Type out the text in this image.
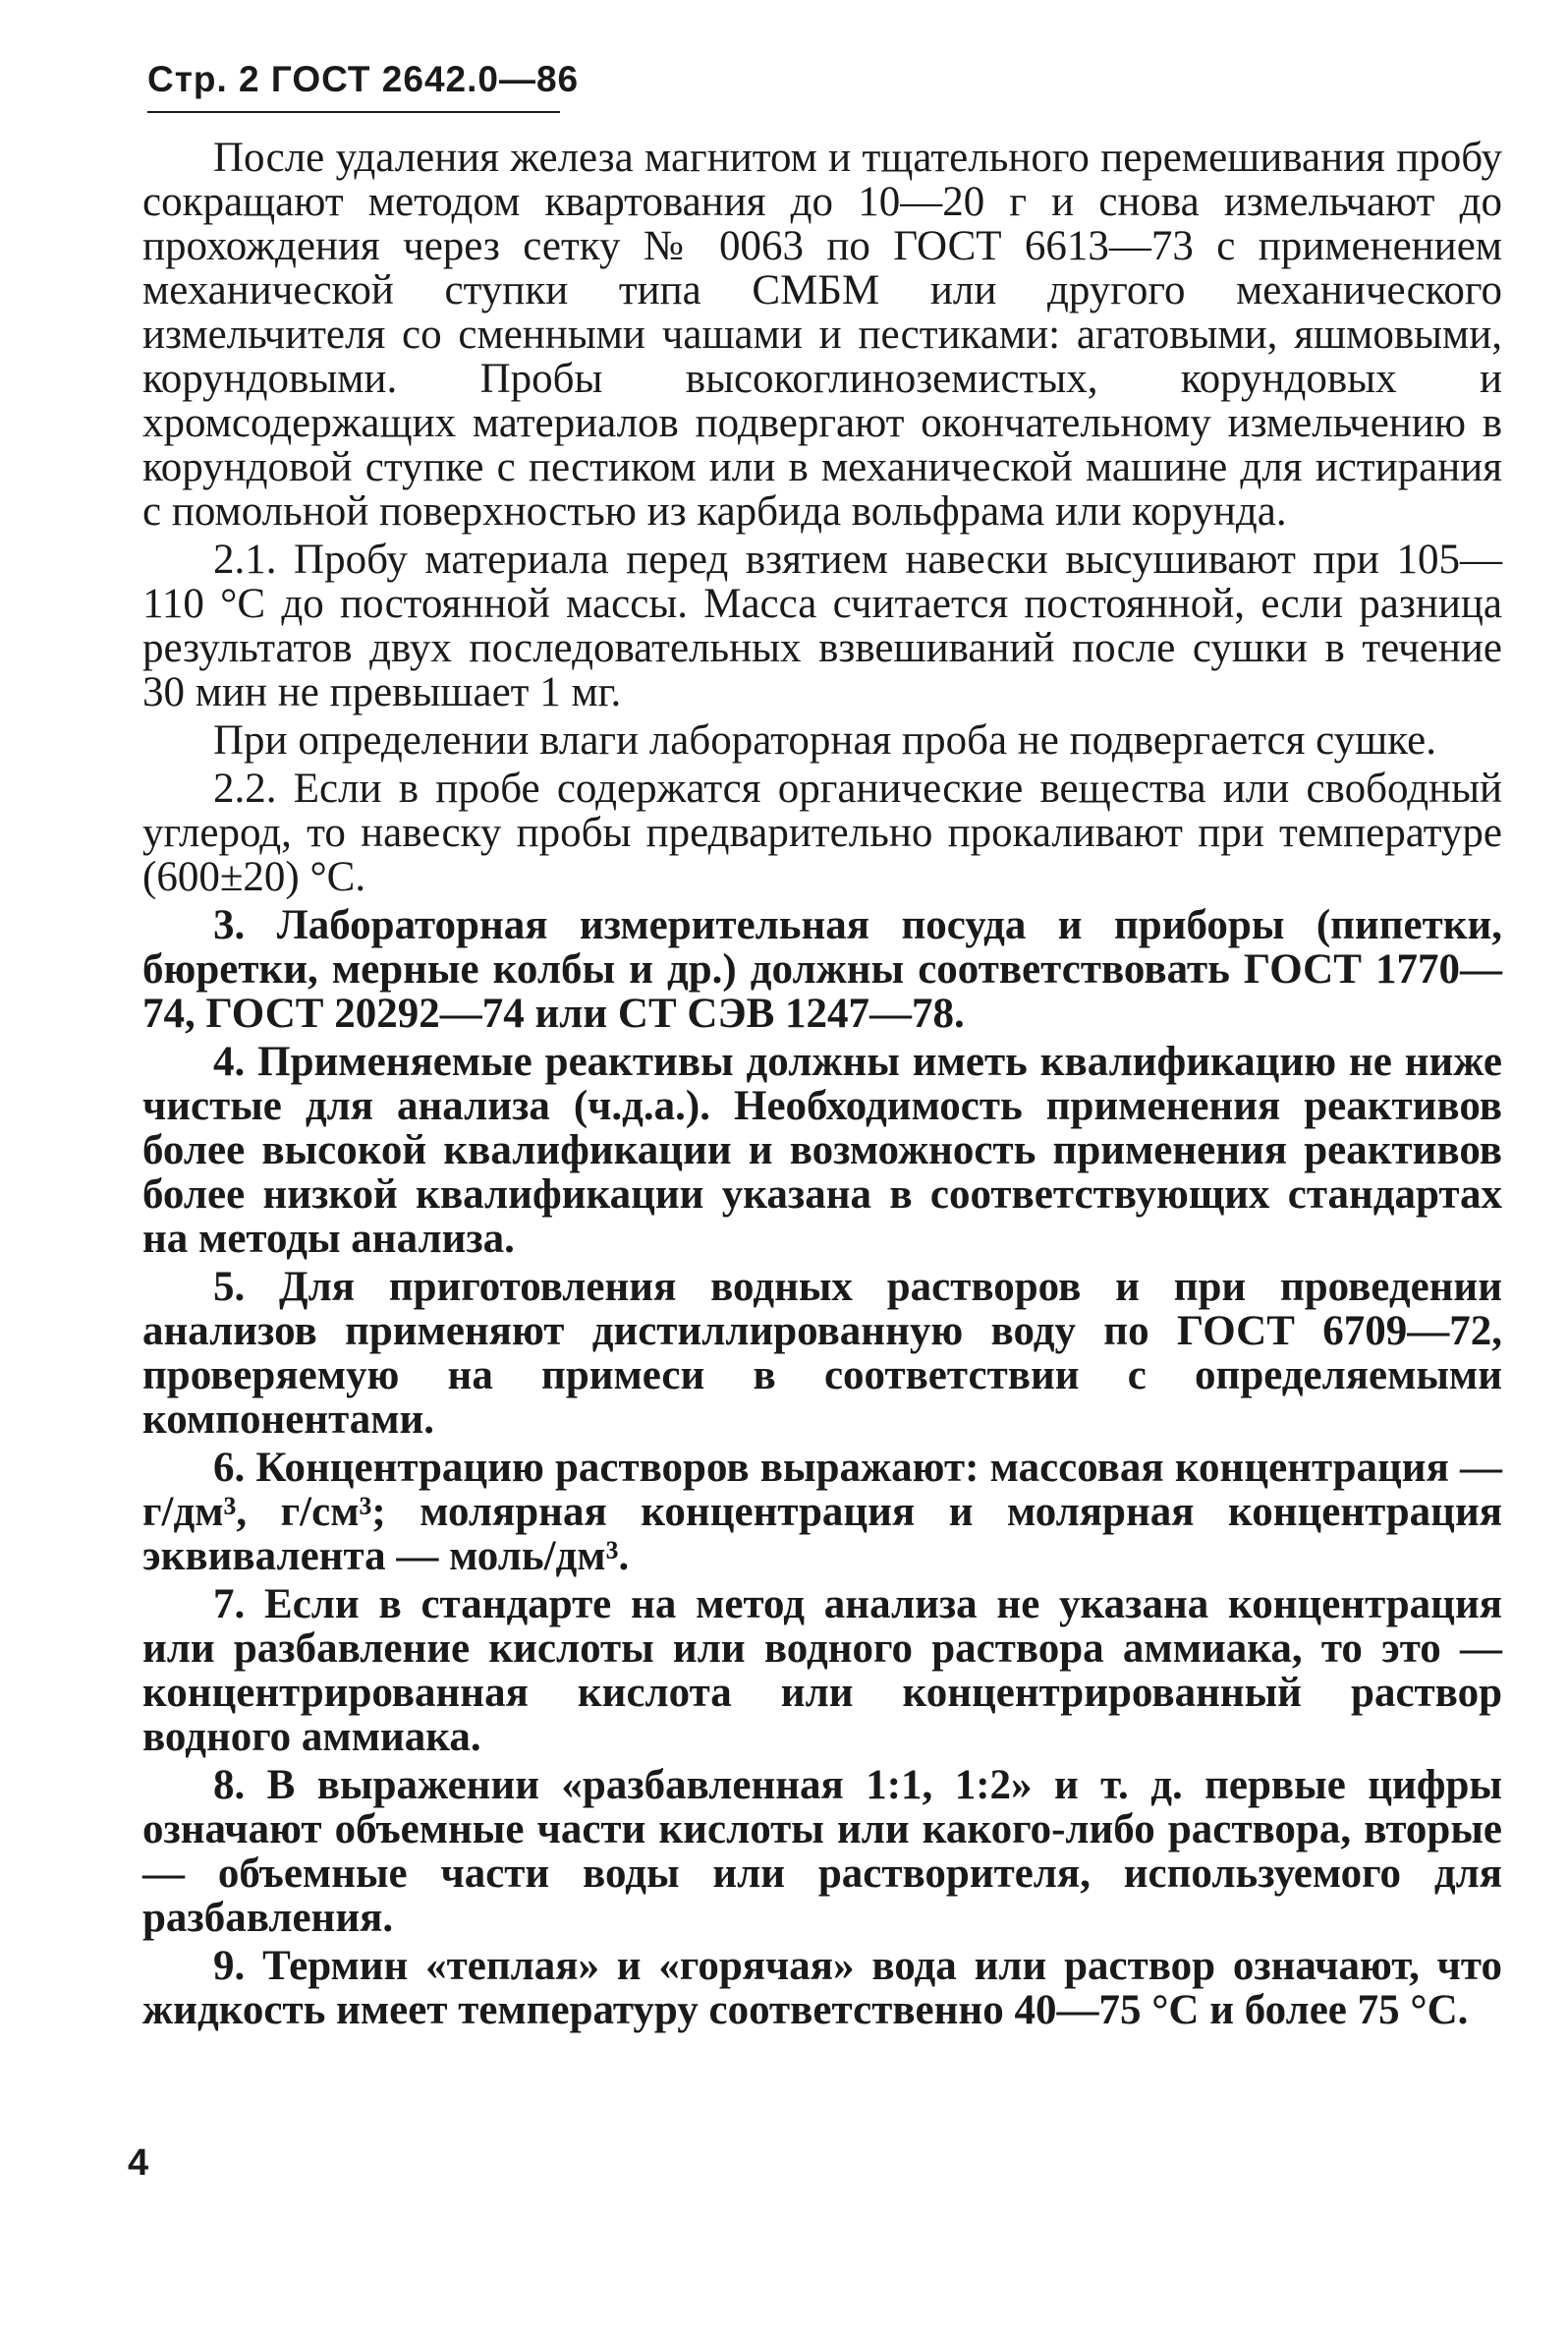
Стр. 2 ГОСТ 2642.0—86

После удаления железа магнитом и тщательного перемешивания пробу сокращают методом квартования до 10—20 г и снова измельчают до прохождения через сетку № 0063 по ГОСТ 6613—73 с применением механической ступки типа СМБМ или другого механического измельчителя со сменными чашами и пестиками: агатовыми, яшмовыми, корундовыми. Пробы высокоглиноземистых, корундовых и хромсодержащих материалов подвергают окончательному измельчению в корундовой ступке с пестиком или в механической машине для истирания с помольной поверхностью из карбида вольфрама или корунда.

2.1. Пробу материала перед взятием навески высушивают при 105—110 °С до постоянной массы. Масса считается постоянной, если разница результатов двух последовательных взвешиваний после сушки в течение 30 мин не превышает 1 мг.

При определении влаги лабораторная проба не подвергается сушке.

2.2. Если в пробе содержатся органические вещества или свободный углерод, то навеску пробы предварительно прокаливают при температуре (600±20) °С.

3. Лабораторная измерительная посуда и приборы (пипетки, бюретки, мерные колбы и др.) должны соответствовать ГОСТ 1770—74, ГОСТ 20292—74 или СТ СЭВ 1247—78.

4. Применяемые реактивы должны иметь квалификацию не ниже чистые для анализа (ч.д.а.). Необходимость применения реактивов более высокой квалификации и возможность применения реактивов более низкой квалификации указана в соответствующих стандартах на методы анализа.

5. Для приготовления водных растворов и при проведении анализов применяют дистиллированную воду по ГОСТ 6709—72, проверяемую на примеси в соответствии с определяемыми компонентами.

6. Концентрацию растворов выражают: массовая концентрация — г/дм³, г/см³; молярная концентрация и молярная концентрация эквивалента — моль/дм³.

7. Если в стандарте на метод анализа не указана концентрация или разбавление кислоты или водного раствора аммиака, то это — концентрированная кислота или концентрированный раствор водного аммиака.

8. В выражении «разбавленная 1:1, 1:2» и т. д. первые цифры означают объемные части кислоты или какого-либо раствора, вторые — объемные части воды или растворителя, используемого для разбавления.

9. Термин «теплая» и «горячая» вода или раствор означают, что жидкость имеет температуру соответственно 40—75 °С и более 75 °С.

4
